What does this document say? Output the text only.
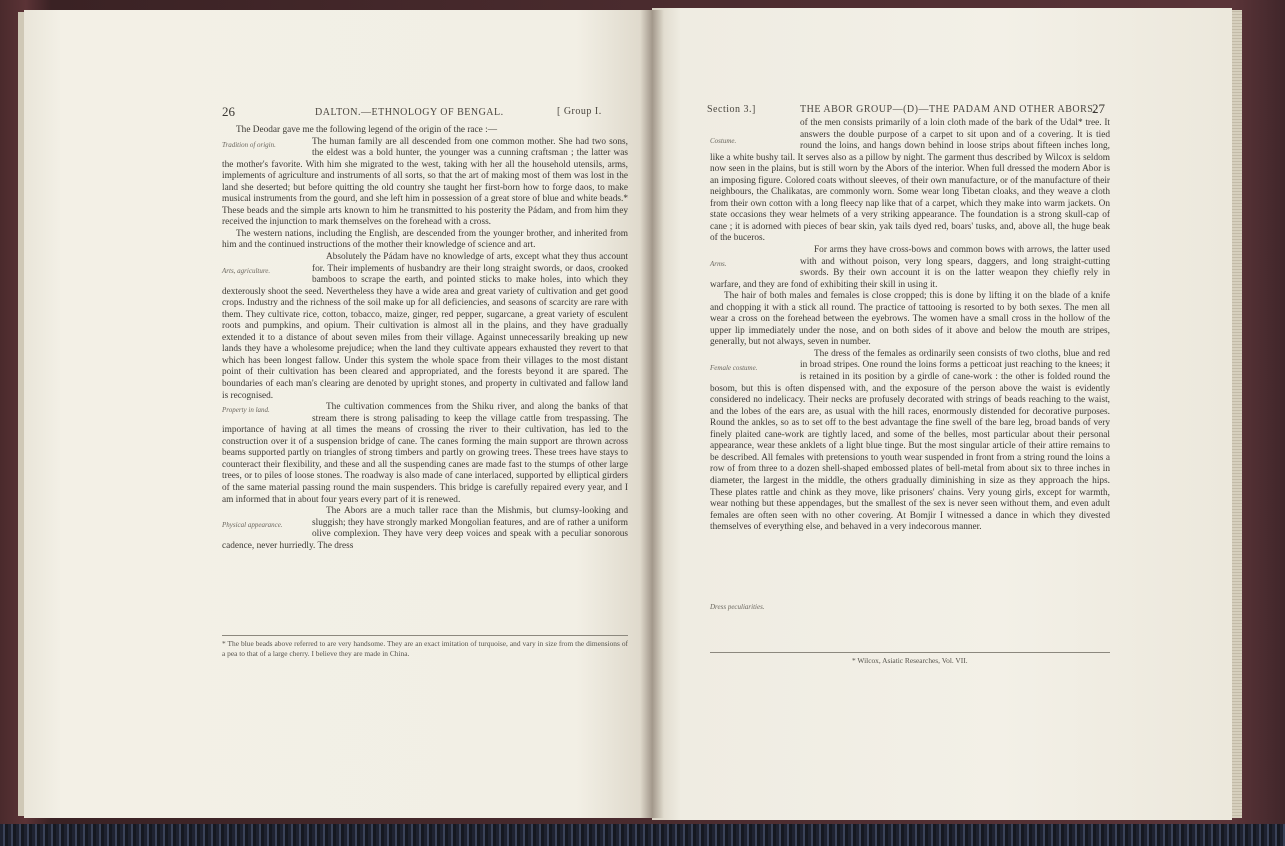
26	DALTON.—ETHNOLOGY OF BENGAL.	[ Group I.

The Deodar gave me the following legend of the origin of the race :—

Tradition of origin.	The human family are all descended from one common mother. She had two sons, the eldest was a bold hunter, the younger was a cunning craftsman ; the latter was the mother's favorite. With him she migrated to the west, taking with her all the household utensils, arms, implements of agriculture and instruments of all sorts, so that the art of making most of them was lost in the land she deserted; but before quitting the old country she taught her first-born how to forge daos, to make musical instruments from the gourd, and she left him in possession of a great store of blue and white beads.* These beads and the simple arts known to him he transmitted to his posterity the Pádam, and from him they received the injunction to mark themselves on the forehead with a cross.

The western nations, including the English, are descended from the younger brother, and inherited from him and the continued instructions of the mother their knowledge of science and art.

Arts, agriculture.

Absolutely the Pádam have no knowledge of arts, except what they thus account for. Their implements of husbandry are their long straight swords, or daos, crooked bamboos to scrape the earth, and pointed sticks to make holes, into which they dexterously shoot the seed. Nevertheless they have a wide area and great variety of cultivation and get good crops. Industry and the richness of the soil make up for all deficiencies, and seasons of scarcity are rare with them. They cultivate rice, cotton, tobacco, maize, ginger, red pepper, sugarcane, a great variety of esculent roots and pumpkins, and opium. Their cultivation is almost all in the plains, and they have gradually extended it to a distance of about seven miles from their village. Against unnecessarily breaking up new lands they have a wholesome prejudice; when the land they cultivate appears exhausted they revert to that which has been longest fallow. Under this system the whole space from their villages to the most distant point of their cultivation has been cleared and appropriated, and the forests beyond it are spared. The boundaries of each man's clearing are denoted by upright stones, and property in cultivated and fallow land is recognised.

Property in land.	The cultivation commences from the Shiku river, and along the banks of that stream there is strong palisading to keep the village cattle from trespassing. The importance of having at all times the means of crossing the river to their cultivation, has led to the construction over it of a suspension bridge of cane. The canes forming the main support are thrown across beams supported partly on triangles of strong timbers and partly on growing trees. These trees have stays to counteract their flexibility, and these and all the suspending canes are made fast to the stumps of other large trees, or to piles of loose stones. The roadway is also made of cane interlaced, supported by elliptical girders of the same material passing round the main suspenders. This bridge is carefully repaired every year, and I am informed that in about four years every part of it is renewed.

Physical appearance.

The Abors are a much taller race than the Mishmis, but clumsy-looking and sluggish; they have strongly marked Mongolian features, and are of rather a uniform olive complexion. They have very deep voices and speak with a peculiar sonorous cadence, never hurriedly. The dress

* The blue beads above referred to are very handsome. They are an exact imitation of turquoise, and vary in size from the dimensions of a pea to that of a large cherry. I believe they are made in China.
Section 3.]	THE ABOR GROUP—(D)—THE PADAM AND OTHER ABORS.
27
Costume.

of the men consists primarily of a loin cloth made of the bark of the Udal* tree. It answers the double purpose of a carpet to sit upon and of a covering. It is tied round the loins, and hangs down behind in loose strips about fifteen inches long, like a white bushy tail. It serves also as a pillow by night. The garment thus described by Wilcox is seldom now seen in the plains, but is still worn by the Abors of the interior. When full dressed the modern Abor is an imposing figure. Colored coats without sleeves, of their own manufacture, or of the manufacture of their neighbours, the Chalikatas, are commonly worn. Some wear long Tibetan cloaks, and they weave a cloth from their own cotton with a long fleecy nap like that of a carpet, which they make into warm jackets. On state occasions they wear helmets of a very striking appearance. The foundation is a strong skull-cap of cane ; it is adorned with pieces of bear skin, yak tails dyed red, boars' tusks, and, above all, the huge beak of the buceros.

Arms.

For arms they have cross-bows and common bows with arrows, the latter used with and without poison, very long spears, daggers, and long straight-cutting swords. By their own account it is on the latter weapon they chiefly rely in warfare, and they are fond of exhibiting their skill in using it.

The hair of both males and females is close cropped; this is done by lifting it on the blade of a knife and chopping it with a stick all round. The practice of tattooing is resorted to by both sexes. The men all wear a cross on the forehead between the eyebrows. The women have a small cross in the hollow of the upper lip immediately under the nose, and on both sides of it above and below the mouth are stripes, generally, but not always, seven in number.

Female costume.

The dress of the females as ordinarily seen consists of two cloths, blue and red in broad stripes. One round the loins forms a petticoat just reaching to the knees; it is retained in its position by a girdle of cane-work : the other is folded round the bosom, but this is often dispensed with, and the exposure of the person above the waist is evidently considered no indelicacy. Their necks are profusely decorated with strings of beads reaching to the waist, and the lobes of the ears are, as usual with the hill races, enormously distended for decorative purposes. Round the ankles, so as to set off to the best advantage the fine swell of the bare leg, broad bands of very finely plaited cane-work are tightly laced, and some of the belles, most particular about their personal appearance, wear these anklets of a light blue tinge. But the most singular article of their attire remains to be described. All females with pretensions to youth wear suspended in front from a string round the loins a row of from three to a dozen shell-shaped embossed plates of bell-metal from about six to three inches in diameter, the largest in the middle, the others gradually diminishing in size as they approach the hips. These plates rattle and chink as they move, like prisoners' chains. Very young girls, except for warmth, wear nothing but these appendages, but the smallest of the sex is never seen without them, and even adult females are often seen with no other covering. At Bomjir I witnessed a dance in which they divested themselves of everything else, and behaved in a very indecorous manner.

Dress peculiarities.
* Wilcox, Asiatic Researches, Vol. VII.
